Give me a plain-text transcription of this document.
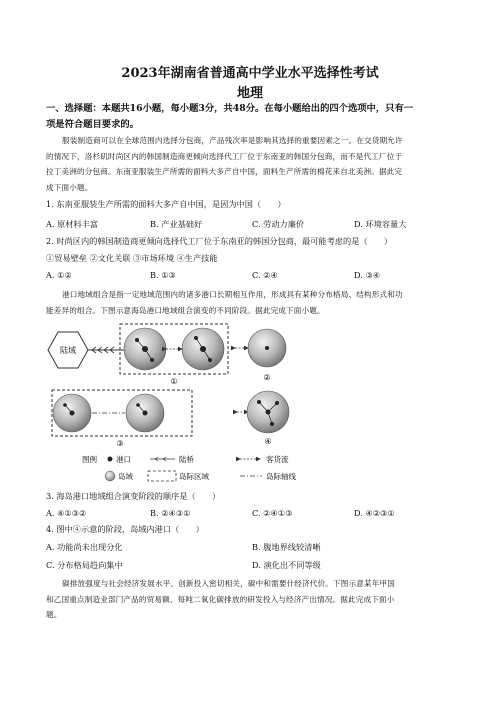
2023年湖南省普通高中学业水平选择性考试
地理
一、选择题：本题共16小题，每小题3分，共48分。在每小题给出的四个选项中，只有一
项是符合题目要求的。
服装制造商可以在全球范围内选择分包商，产品残次率是影响其选择的重要因素之一。在交货期允许
的情况下，洛杉矶时尚区内的韩国制造商更倾向选择代工厂位于东南亚的韩国分包商，而不是代工厂位于
拉丁美洲的分包商。东南亚服装生产所需的面料大多产自中国，面料生产所需的棉花来自北美洲。据此完
成下面小题。
1. 东南亚服装生产所需的面料大多产自中国，是因为中国（　　）
A. 原材料丰富	B. 产业基础好	C. 劳动力廉价	D. 环境容量大
2. 时尚区内的韩国制造商更倾向选择代工厂位于东南亚的韩国分包商，最可能考虑的是（　　）
①贸易壁垒 ②文化关联 ③市场环境 ④生产技能
A. ①②	B. ①③	C. ②④	D. ③④
港口地域组合是指一定地域范围内的诸多港口长期相互作用，形成具有某种分布格局、结构形式和功
能差异的组合。下图示意海岛港口地域组合演变的不同阶段。据此完成下面小题。
陆域
①	②
③	④
图例	港口	陆桥	客货流
岛域	岛际区域	岛际轴线
3. 海岛港口地域组合演变阶段的顺序是（　　）
A. ④①③②	B. ②④③①	C. ②④①③	D. ④②③①
4. 图中④示意的阶段，岛域内港口（　　）
A. 功能尚未出现分化	B. 腹地界线较清晰
C. 分布格局趋向集中	D. 演化出不同等级
碳排放强度与社会经济发展水平、创新投入密切相关，碳中和需要什经济代价。下图示意某年甲国
和乙国重点制造业部门产品的贸易额、每吨二氧化碳排放的研发投入与经济产出情况。据此完成下面小
题。
